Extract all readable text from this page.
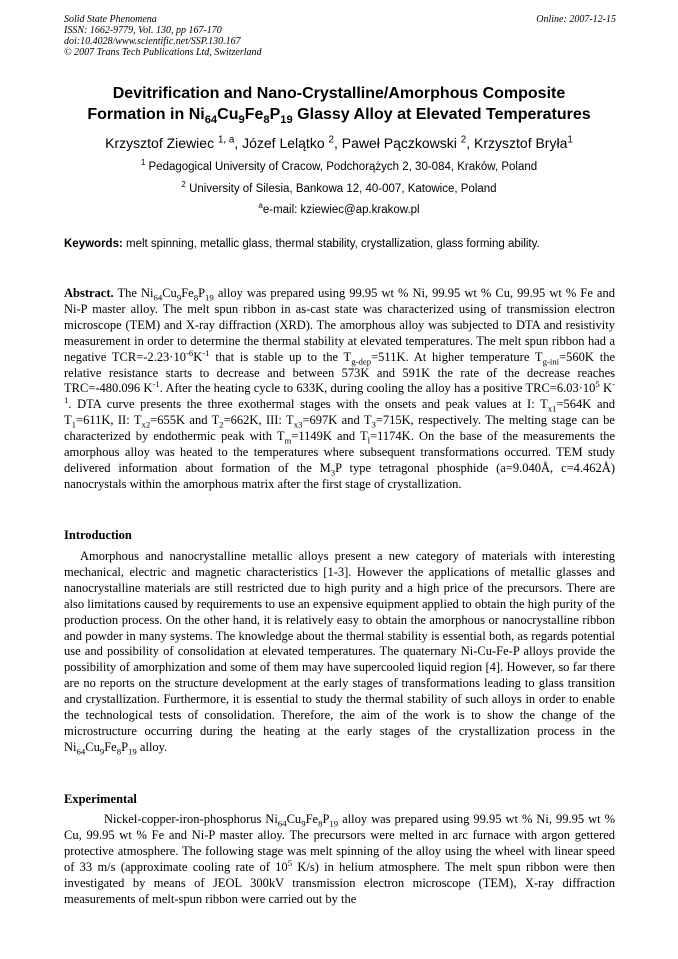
Solid State Phenomena	Online: 2007-12-15
ISSN: 1662-9779, Vol. 130, pp 167-170
doi:10.4028/www.scientific.net/SSP.130.167
© 2007 Trans Tech Publications Ltd, Switzerland
Devitrification and Nano-Crystalline/Amorphous Composite
Formation in $Ni_{64}Cu_9Fe_8P_{19}$ Glassy Alloy at Elevated Temperatures
Krzysztof Ziewiec $^{1, a}$, Józef Lelątko $^2$, Paweł Pączkowski $^2$, Krzysztof Bryła$^1$
$^1$ Pedagogical University of Cracow, Podchorążych 2, 30-084, Kraków, Poland
$^2$ University of Silesia, Bankowa 12, 40-007, Katowice, Poland
$^a$e-mail: kziewiec@ap.krakow.pl
Keywords: melt spinning, metallic glass, thermal stability, crystallization, glass forming ability.
Abstract. The $Ni_{64}Cu_9Fe_8P_{19}$ alloy was prepared using 99.95 wt % Ni, 99.95 wt % Cu, 99.95 wt % Fe and Ni-P master alloy. The melt spun ribbon in as-cast state was characterized using of transmission electron microscope (TEM) and X-ray diffraction (XRD). The amorphous alloy was subjected to DTA and resistivity measurement in order to determine the thermal stability at elevated temperatures. The melt spun ribbon had a negative $TCR=-2.23\cdot 10^{-6}K^{-1}$ that is stable up to the $T_{g-dep}=511K$. At higher temperature $T_{g-ini}=560K$ the relative resistance starts to decrease and between 573K and 591K the rate of the decrease reaches TRC=-480.096 $K^{-1}$. After the heating cycle to 633K, during cooling the alloy has a positive $TRC=6.03\cdot 10^5$ $K^{-1}$. DTA curve presents the three exothermal stages with the onsets and peak values at I: $T_{x1}=564K$ and $T_1=611K$, II: $T_{x2}=655K$ and $T_2=662K$, III: $T_{x3}=697K$ and $T_3=715K$, respectively. The melting stage can be characterized by endothermic peak with $T_m=1149K$ and $T_l=1174K$. On the base of the measurements the amorphous alloy was heated to the temperatures where subsequent transformations occurred. TEM study delivered information about formation of the $M_3P$ type tetragonal phosphide (a=9.040Å, c=4.462Å) nanocrystals within the amorphous matrix after the first stage of crystallization.
Introduction
Amorphous and nanocrystalline metallic alloys present a new category of materials with interesting mechanical, electric and magnetic characteristics [1-3]. However the applications of metallic glasses and nanocrystalline materials are still restricted due to high purity and a high price of the precursors. There are also limitations caused by requirements to use an expensive equipment applied to obtain the high purity of the production process. On the other hand, it is relatively easy to obtain the amorphous or nanocrystalline ribbon and powder in many systems. The knowledge about the thermal stability is essential both, as regards potential use and possibility of consolidation at elevated temperatures. The quaternary Ni-Cu-Fe-P alloys provide the possibility of amorphization and some of them may have supercooled liquid region [4]. However, so far there are no reports on the structure development at the early stages of transformations leading to glass transition and crystallization. Furthermore, it is essential to study the thermal stability of such alloys in order to enable the technological tests of consolidation. Therefore, the aim of the work is to show the change of the microstructure occurring during the heating at the early stages of the crystallization process in the $Ni_{64}Cu_9Fe_8P_{19}$ alloy.
Experimental
Nickel-copper-iron-phosphorus $Ni_{64}Cu_9Fe_8P_{19}$ alloy was prepared using 99.95 wt % Ni, 99.95 wt % Cu, 99.95 wt % Fe and Ni-P master alloy. The precursors were melted in arc furnace with argon gettered protective atmosphere. The following stage was melt spinning of the alloy using the wheel with linear speed of 33 m/s (approximate cooling rate of $10^5$ K/s) in helium atmosphere. The melt spun ribbon were then investigated by means of JEOL 300kV transmission electron microscope (TEM), X-ray diffraction measurements of melt-spun ribbon were carried out by the
